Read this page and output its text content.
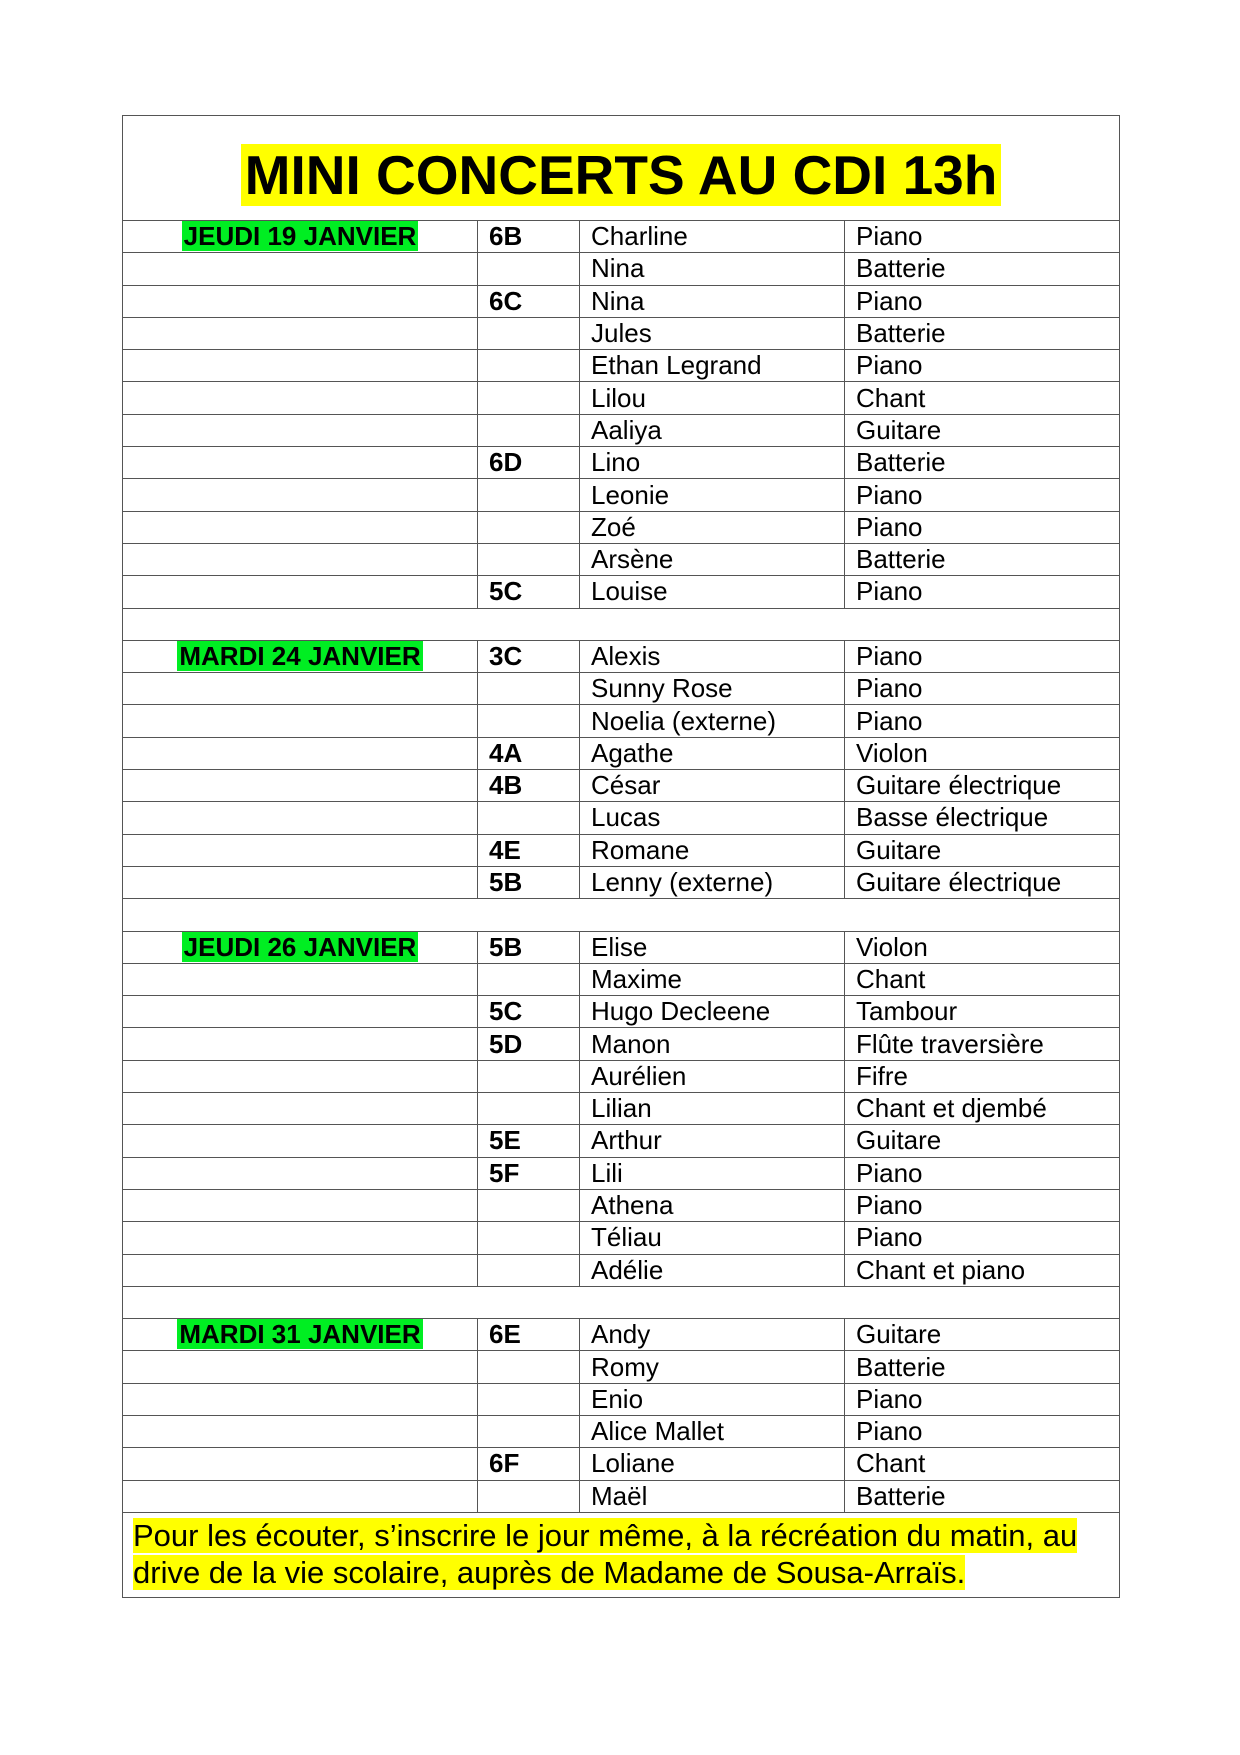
MINI CONCERTS AU CDI 13h
JEUDI 19 JANVIER	6B	Charline	Piano
		Nina	Batterie
	6C	Nina	Piano
		Jules	Batterie
		Ethan Legrand	Piano
		Lilou	Chant
		Aaliya	Guitare
	6D	Lino	Batterie
		Leonie	Piano
		Zoé	Piano
		Arsène	Batterie
	5C	Louise	Piano

MARDI 24 JANVIER	3C	Alexis	Piano
		Sunny Rose	Piano
		Noelia (externe)	Piano
	4A	Agathe	Violon
	4B	César	Guitare électrique
		Lucas	Basse électrique
	4E	Romane	Guitare
	5B	Lenny (externe)	Guitare électrique

JEUDI 26 JANVIER	5B	Elise	Violon
		Maxime	Chant
	5C	Hugo Decleene	Tambour
	5D	Manon	Flûte traversière
		Aurélien	Fifre
		Lilian	Chant et djembé
	5E	Arthur	Guitare
	5F	Lili	Piano
		Athena	Piano
		Téliau	Piano
		Adélie	Chant et piano

MARDI 31 JANVIER	6E	Andy	Guitare
		Romy	Batterie
		Enio	Piano
		Alice Mallet	Piano
	6F	Loliane	Chant
		Maël	Batterie
Pour les écouter, s’inscrire le jour même, à la récréation du matin, au drive de la vie scolaire, auprès de Madame de Sousa-Arraïs.
